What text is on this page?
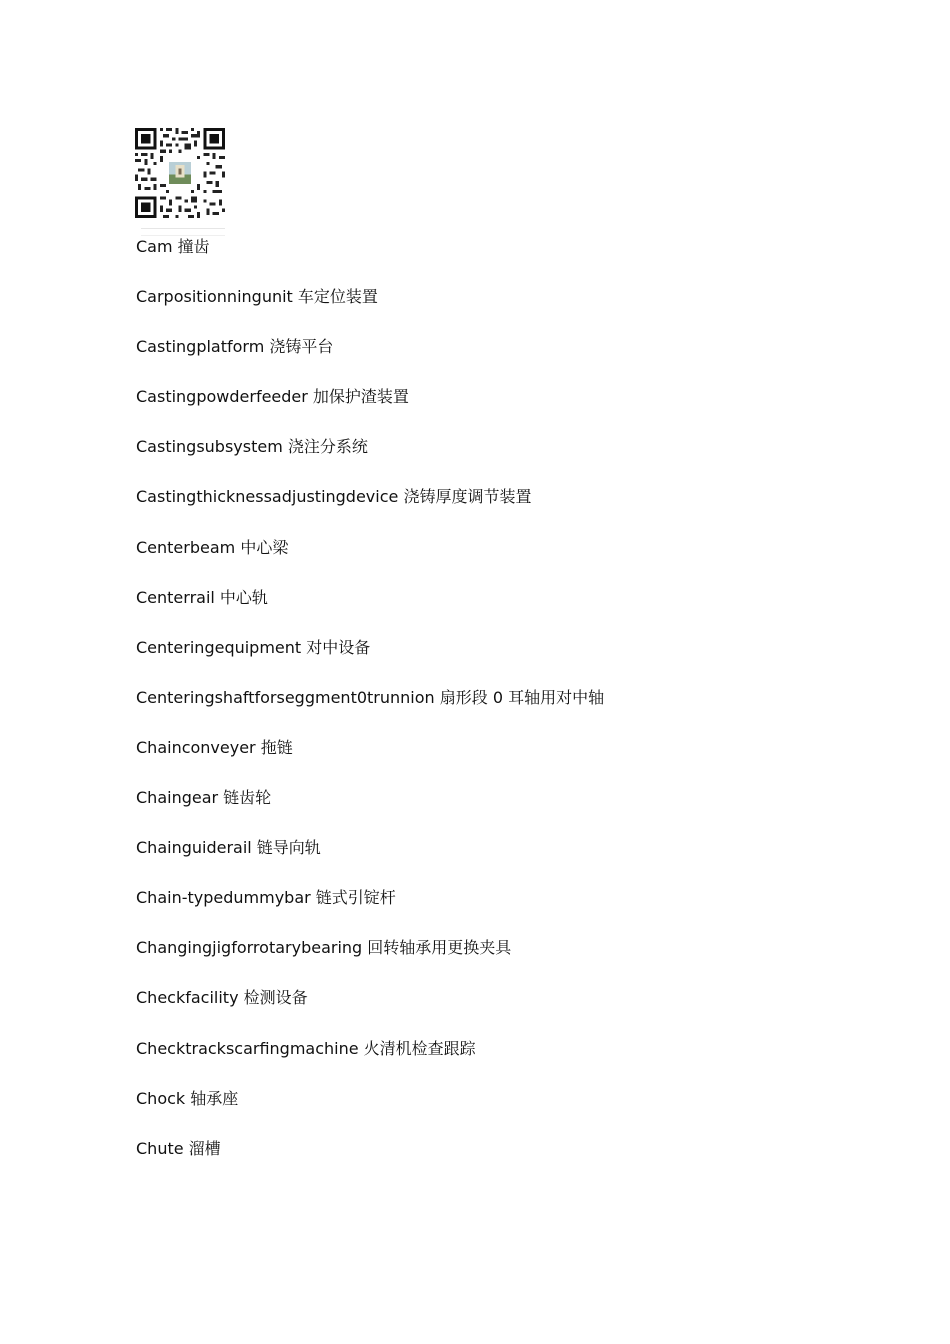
Cam 撞齿
Carpositionningunit 车定位装置
Castingplatform 浇铸平台
Castingpowderfeeder 加保护渣装置
Castingsubsystem 浇注分系统
Castingthicknessadjustingdevice 浇铸厚度调节装置
Centerbeam 中心梁
Centerrail 中心轨
Centeringequipment 对中设备
Centeringshaftforseggment0trunnion 扇形段 0 耳轴用对中轴
Chainconveyer 拖链
Chaingear 链齿轮
Chainguiderail 链导向轨
Chain-typedummybar 链式引锭杆
Changingjigforrotarybearing 回转轴承用更换夹具
Checkfacility 检测设备
Checktrackscarfingmachine 火清机检查跟踪
Chock 轴承座
Chute 溜槽
